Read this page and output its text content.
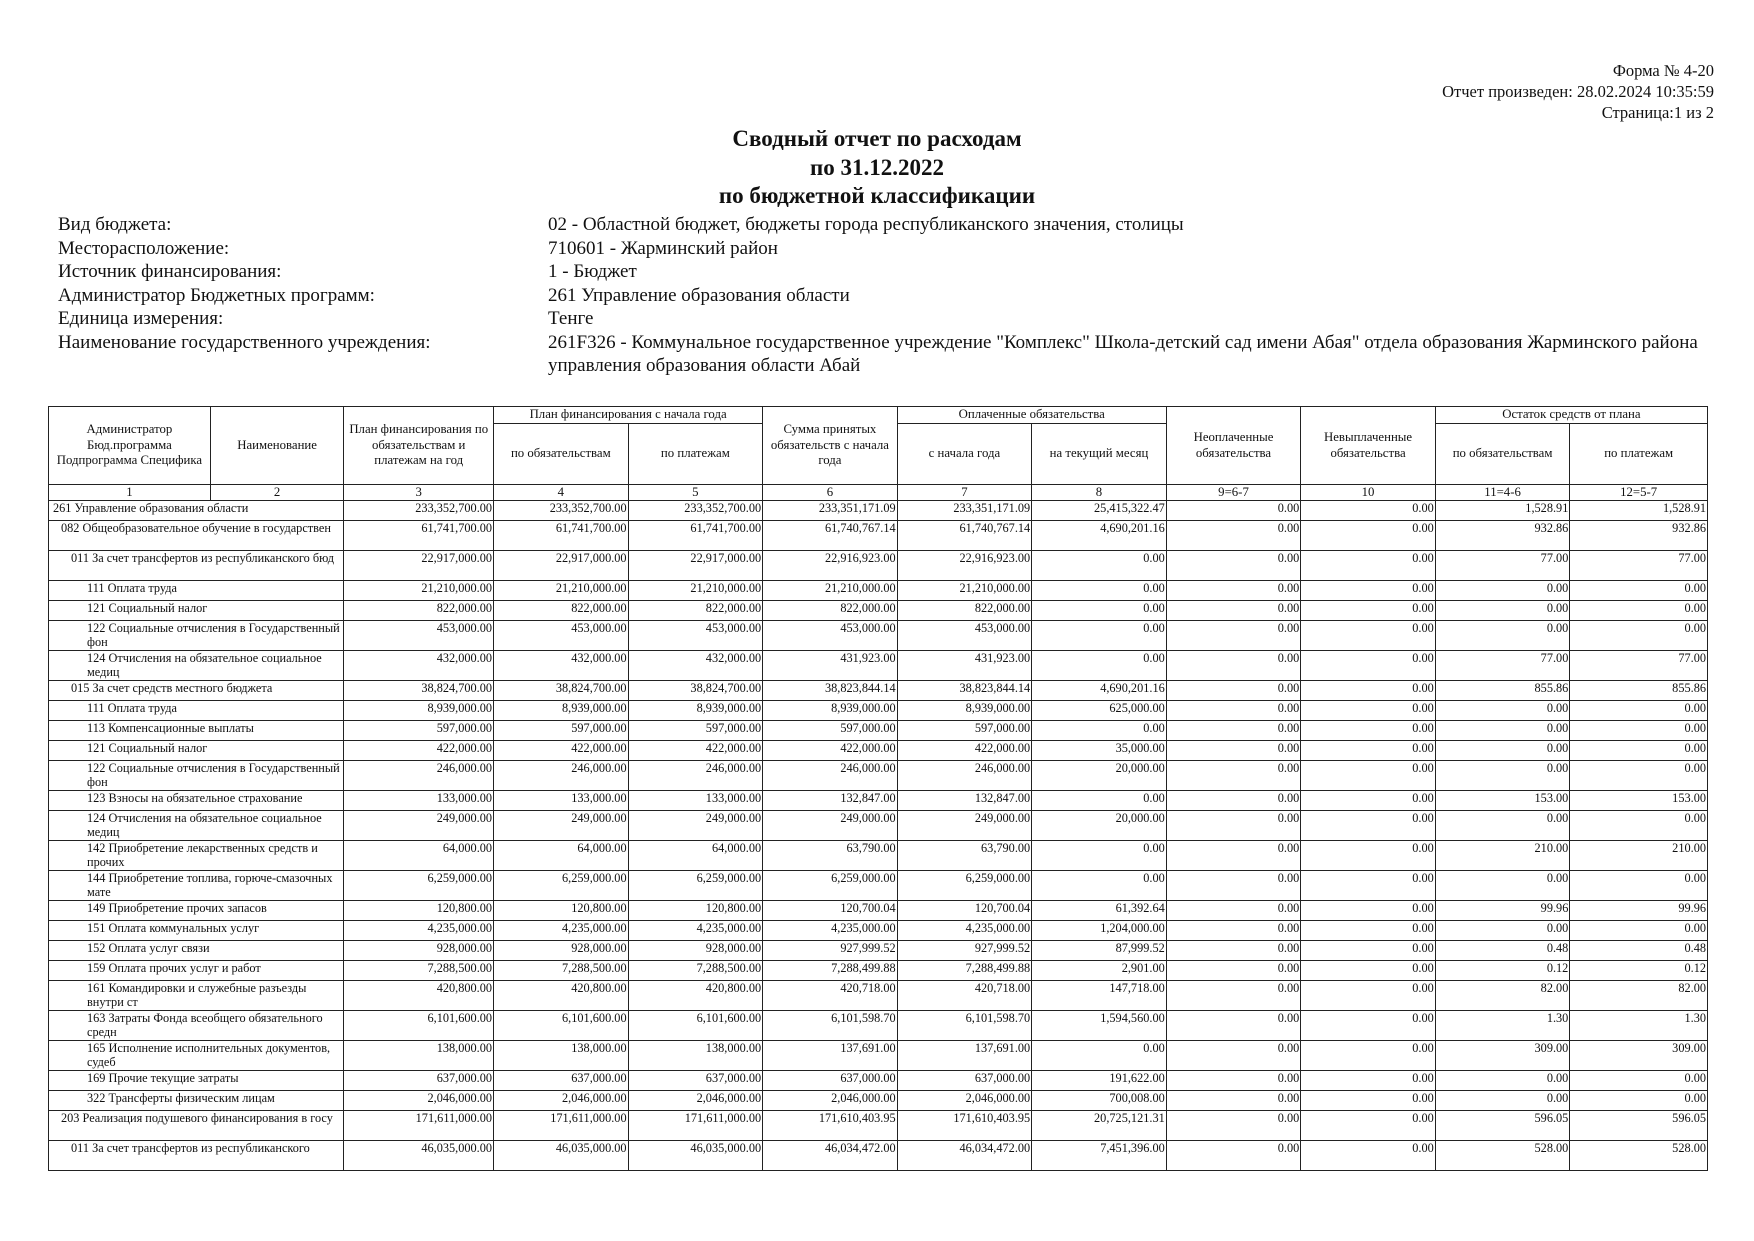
Форма № 4-20
Отчет произведен: 28.02.2024 10:35:59
Страница:1 из 2
Сводный отчет по расходам
по 31.12.2022
по бюджетной классификации
Вид бюджета:	02 - Областной бюджет, бюджеты города республиканского значения, столицы
Месторасположение:	710601 - Жарминский район
Источник финансирования:	1 - Бюджет
Администратор Бюджетных программ:	261 Управление образования области
Единица измерения:	Тенге
Наименование государственного учреждения:	261F326 - Коммунальное государственное учреждение "Комплекс" Школа-детский сад имени Абая" отдела образования Жарминского района управления образования области Абай
Администратор Бюд.программа Подпрограмма Специфика	Наименование	План финансирования по обязательствам и платежам на год	План финансирования с начала года		Сумма принятых обязательств с начала года	Оплаченные обязательства		Неоплаченные обязательства	Невыплаченные обязательства	Остаток средств от плана	
			по обязательствам	по платежам		с начала года	на текущий месяц			по обязательствам	по платежам
1	2	3	4	5	6	7	8	9=6-7	10	11=4-6	12=5-7
261 Управление образования области		233,352,700.00	233,352,700.00	233,352,700.00	233,351,171.09	233,351,171.09	25,415,322.47	0.00	0.00	1,528.91	1,528.91
082 Общеобразовательное обучение в государствен		61,741,700.00	61,741,700.00	61,741,700.00	61,740,767.14	61,740,767.14	4,690,201.16	0.00	0.00	932.86	932.86
011 За счет трансфертов из республиканского бюд		22,917,000.00	22,917,000.00	22,917,000.00	22,916,923.00	22,916,923.00	0.00	0.00	0.00	77.00	77.00
111 Оплата труда		21,210,000.00	21,210,000.00	21,210,000.00	21,210,000.00	21,210,000.00	0.00	0.00	0.00	0.00	0.00
121 Социальный налог		822,000.00	822,000.00	822,000.00	822,000.00	822,000.00	0.00	0.00	0.00	0.00	0.00
122 Социальные отчисления в Государственный фон		453,000.00	453,000.00	453,000.00	453,000.00	453,000.00	0.00	0.00	0.00	0.00	0.00
124 Отчисления на обязательное социальное медиц		432,000.00	432,000.00	432,000.00	431,923.00	431,923.00	0.00	0.00	0.00	77.00	77.00
015 За счет средств местного бюджета		38,824,700.00	38,824,700.00	38,824,700.00	38,823,844.14	38,823,844.14	4,690,201.16	0.00	0.00	855.86	855.86
111 Оплата труда		8,939,000.00	8,939,000.00	8,939,000.00	8,939,000.00	8,939,000.00	625,000.00	0.00	0.00	0.00	0.00
113 Компенсационные выплаты		597,000.00	597,000.00	597,000.00	597,000.00	597,000.00	0.00	0.00	0.00	0.00	0.00
121 Социальный налог		422,000.00	422,000.00	422,000.00	422,000.00	422,000.00	35,000.00	0.00	0.00	0.00	0.00
122 Социальные отчисления в Государственный фон		246,000.00	246,000.00	246,000.00	246,000.00	246,000.00	20,000.00	0.00	0.00	0.00	0.00
123 Взносы на обязательное страхование		133,000.00	133,000.00	133,000.00	132,847.00	132,847.00	0.00	0.00	0.00	153.00	153.00
124 Отчисления на обязательное социальное медиц		249,000.00	249,000.00	249,000.00	249,000.00	249,000.00	20,000.00	0.00	0.00	0.00	0.00
142 Приобретение лекарственных средств и прочих		64,000.00	64,000.00	64,000.00	63,790.00	63,790.00	0.00	0.00	0.00	210.00	210.00
144 Приобретение топлива, горюче-смазочных мате		6,259,000.00	6,259,000.00	6,259,000.00	6,259,000.00	6,259,000.00	0.00	0.00	0.00	0.00	0.00
149 Приобретение прочих запасов		120,800.00	120,800.00	120,800.00	120,700.04	120,700.04	61,392.64	0.00	0.00	99.96	99.96
151 Оплата коммунальных услуг		4,235,000.00	4,235,000.00	4,235,000.00	4,235,000.00	4,235,000.00	1,204,000.00	0.00	0.00	0.00	0.00
152 Оплата услуг связи		928,000.00	928,000.00	928,000.00	927,999.52	927,999.52	87,999.52	0.00	0.00	0.48	0.48
159 Оплата прочих услуг и работ		7,288,500.00	7,288,500.00	7,288,500.00	7,288,499.88	7,288,499.88	2,901.00	0.00	0.00	0.12	0.12
161 Командировки и служебные разъезды внутри ст		420,800.00	420,800.00	420,800.00	420,718.00	420,718.00	147,718.00	0.00	0.00	82.00	82.00
163 Затраты Фонда всеобщего обязательного средн		6,101,600.00	6,101,600.00	6,101,600.00	6,101,598.70	6,101,598.70	1,594,560.00	0.00	0.00	1.30	1.30
165 Исполнение исполнительных документов, судеб		138,000.00	138,000.00	138,000.00	137,691.00	137,691.00	0.00	0.00	0.00	309.00	309.00
169 Прочие текущие затраты		637,000.00	637,000.00	637,000.00	637,000.00	637,000.00	191,622.00	0.00	0.00	0.00	0.00
322 Трансферты физическим лицам		2,046,000.00	2,046,000.00	2,046,000.00	2,046,000.00	2,046,000.00	700,008.00	0.00	0.00	0.00	0.00
203 Реализация подушевого финансирования в госу		171,611,000.00	171,611,000.00	171,611,000.00	171,610,403.95	171,610,403.95	20,725,121.31	0.00	0.00	596.05	596.05
011 За счет трансфертов из республиканского		46,035,000.00	46,035,000.00	46,035,000.00	46,034,472.00	46,034,472.00	7,451,396.00	0.00	0.00	528.00	528.00
